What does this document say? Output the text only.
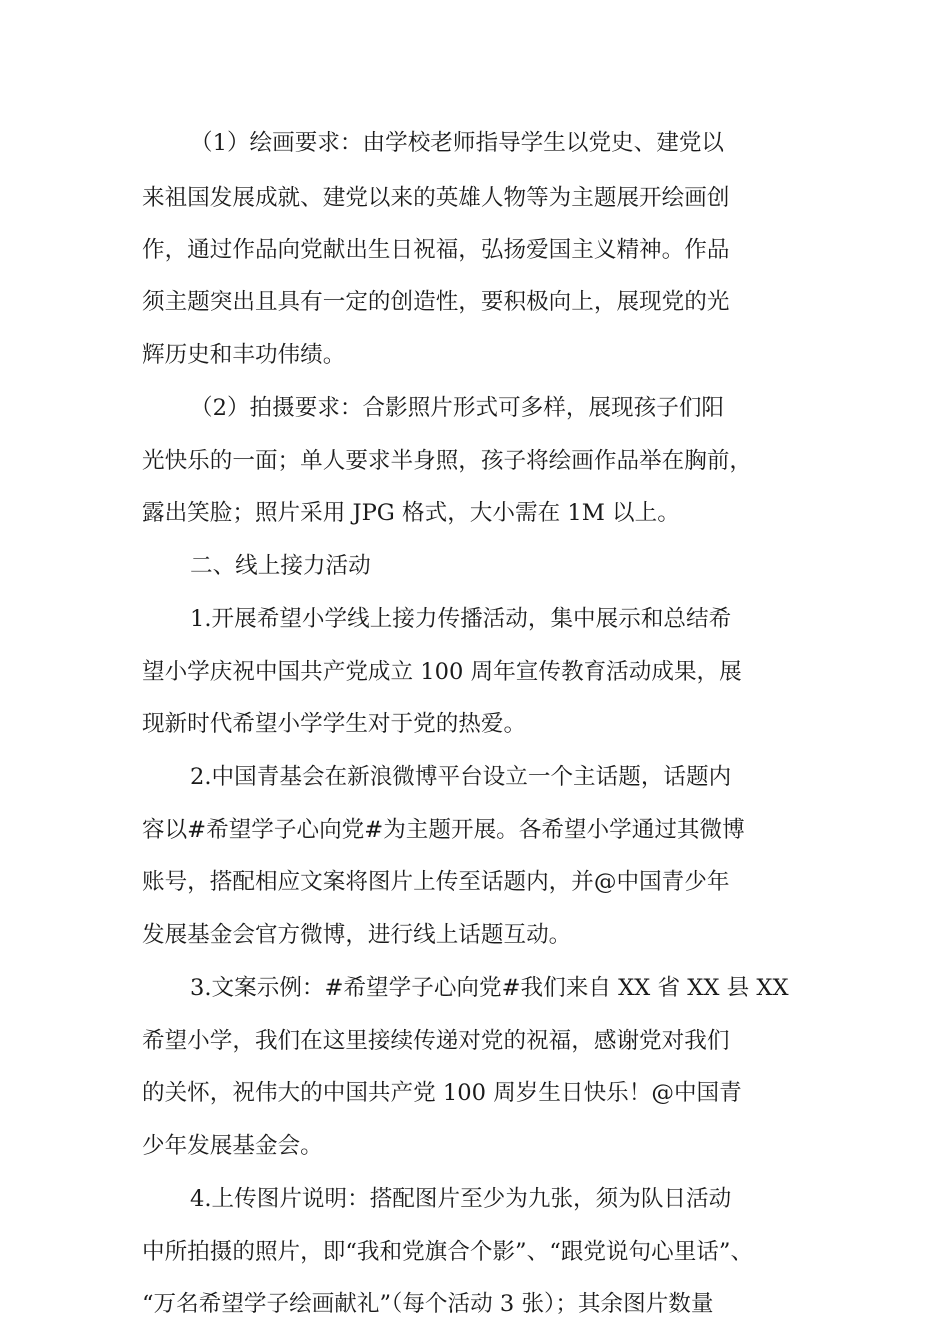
（1）绘画要求：由学校老师指导学生以党史、建党以
来祖国发展成就、建党以来的英雄人物等为主题展开绘画创
作，通过作品向党献出生日祝福，弘扬爱国主义精神。作品
须主题突出且具有一定的创造性，要积极向上，展现党的光
辉历史和丰功伟绩。
（2）拍摄要求：合影照片形式可多样，展现孩子们阳
光快乐的一面；单人要求半身照，孩子将绘画作品举在胸前，
露出笑脸；照片采用 JPG 格式，大小需在 1M 以上。
二、线上接力活动
1.开展希望小学线上接力传播活动，集中展示和总结希
望小学庆祝中国共产党成立 100 周年宣传教育活动成果，展
现新时代希望小学学生对于党的热爱。
2.中国青基会在新浪微博平台设立一个主话题，话题内
容以#希望学子心向党#为主题开展。各希望小学通过其微博
账号，搭配相应文案将图片上传至话题内，并@中国青少年
发展基金会官方微博，进行线上话题互动。
3.文案示例：#希望学子心向党#我们来自 XX 省 XX 县 XX
希望小学，我们在这里接续传递对党的祝福，感谢党对我们
的关怀，祝伟大的中国共产党 100 周岁生日快乐！@中国青
少年发展基金会。
4.上传图片说明：搭配图片至少为九张，须为队日活动
中所拍摄的照片，即“我和党旗合个影”、“跟党说句心里话”、
“万名希望学子绘画献礼”（每个活动 3 张）；其余图片数量
